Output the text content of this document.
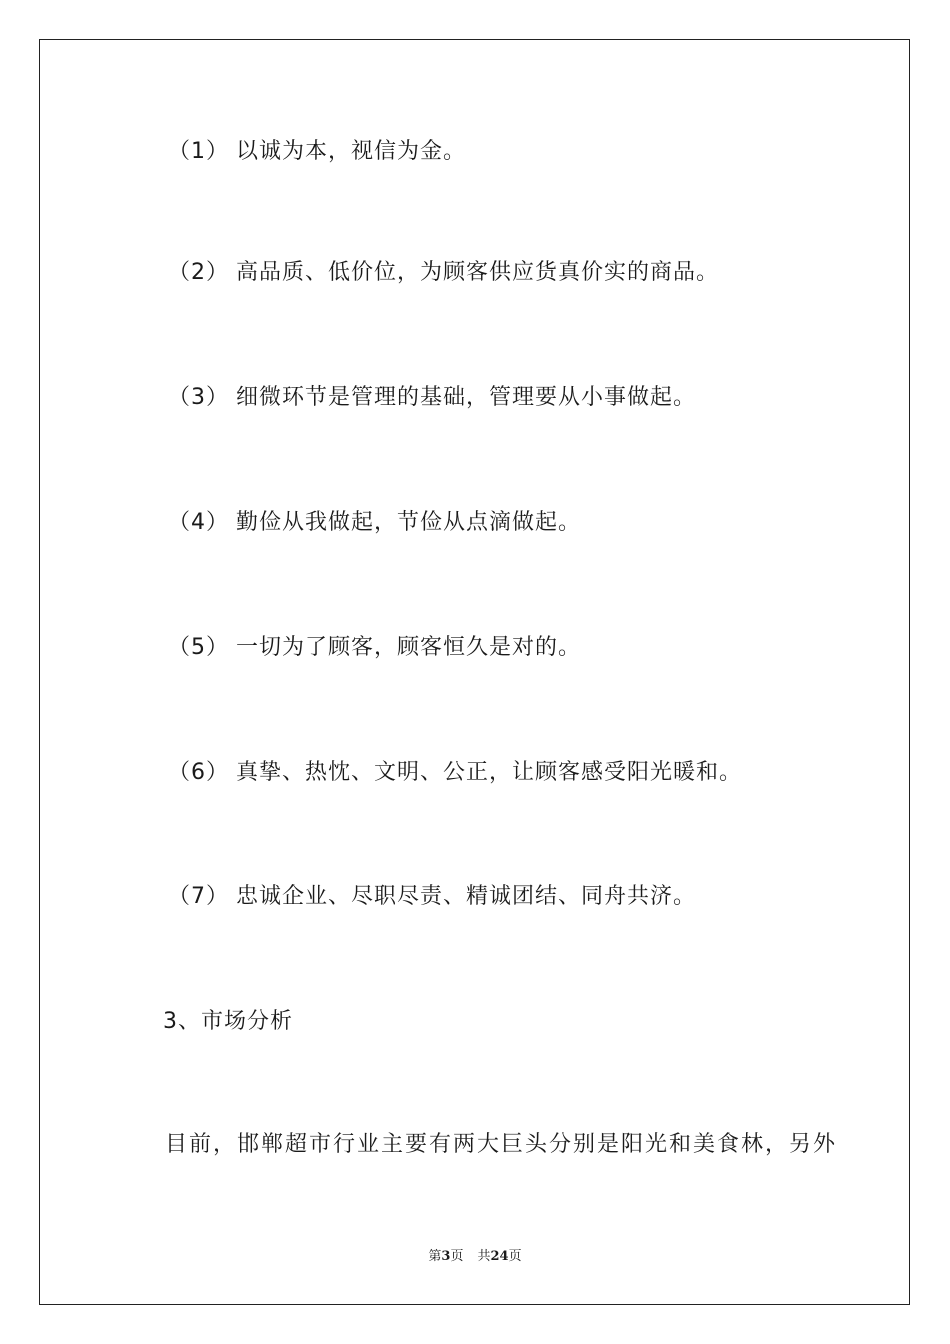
（1） 以诚为本，视信为金。
（2） 高品质、低价位，为顾客供应货真价实的商品。
（3） 细微环节是管理的基础，管理要从小事做起。
（4） 勤俭从我做起，节俭从点滴做起。
（5） 一切为了顾客，顾客恒久是对的。
（6） 真挚、热忱、文明、公正，让顾客感受阳光暖和。
（7） 忠诚企业、尽职尽责、精诚团结、同舟共济。
3、市场分析
目前，邯郸超市行业主要有两大巨头分别是阳光和美食林，另外
第3页 共24页
